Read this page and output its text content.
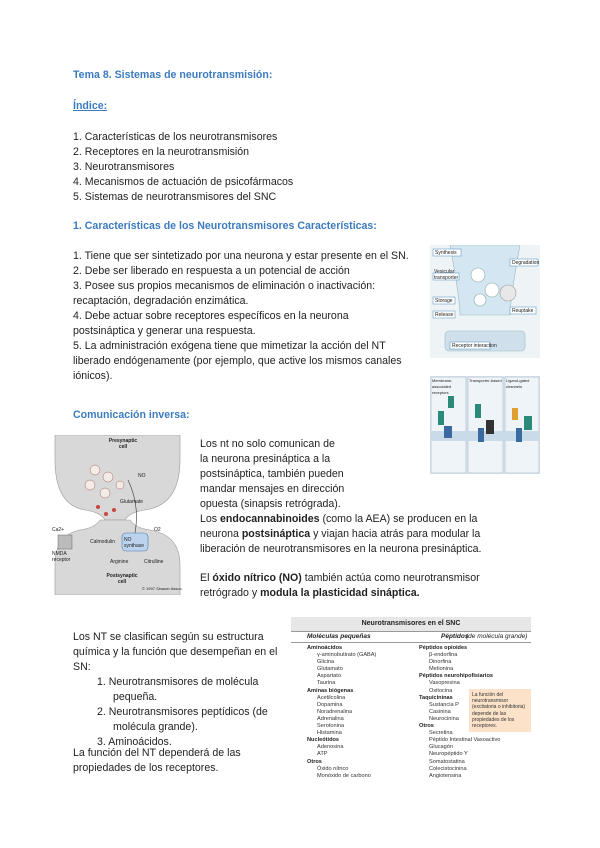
Tema 8. Sistemas de neurotransmisión:
Índice:
1. Características de los neurotransmisores
2. Receptores en la neurotransmisión
3. Neurotransmisores
4. Mecanismos de actuación de psicofármacos
5. Sistemas de neurotransmisores del SNC
1. Características de los Neurotransmisores Características:
1. Tiene que ser sintetizado por una neurona y estar presente en el SN.
2. Debe ser liberado en respuesta a un potencial de acción
3. Posee sus propios mecanismos de eliminación o inactivación: recaptación, degradación enzimática.
4. Debe actuar sobre receptores específicos en la neurona postsináptica y generar una respuesta.
5. La administración exógena tiene que mimetizar la acción del NT liberado endógenamente (por ejemplo, que active los mismos canales iónicos).
Synthesis
Vesicular transporter
Storage
Release
Degradation
Receptor interaction
Reuptake
Membrane-associated receptors
Transporter-based Ligand-gated channels
Comunicación inversa:
Los nt no solo comunican de la neurona presináptica a la postsináptica, también pueden mandar mensajes en dirección opuesta (sinapsis retrógrada).
Los endocannabinoides (como la AEA) se producen en la neurona postsináptica y viajan hacia atrás para modular la liberación de neurotransmisores en la neurona presináptica.
El óxido nítrico (NO) también actúa como neurotransmisor retrógrado y modula la plasticidad sináptica.
Presynaptic cell
Postsynaptic cell
NO
Glutamate
Ca2+
NMDA receptor
Calmodulin NO synthase
Arginine	Citrulline
O2
© 1997 Sinauer Assoc.
Los NT se clasifican según su estructura química y la función que desempeñan en el SN:
1. Neurotransmisores de molécula pequeña.
2. Neurotransmisores peptídicos (de molécula grande).
3. Aminoácidos.
La función del NT dependerá de las propiedades de los receptores.
Neurotransmisores en el SNC
Moléculas pequeñas	Péptidos
(de molécula grande)
Aminoácidos
γ-aminobutirato (GABA)
Glicina
Glutamato
Aspartato
Taurina
Aminas biógenas
Acetilcolina
Dopamina
Noradrenalina
Adrenalina
Serotonina
Histamina
Nucleótidos
Adenosina
ATP
Otros
Óxido nítrico
Monóxido de carbono
Péptidos opioides
β-endorfina
Dinorfina
Metionina
Péptidos neurohipofisiarios
Vasopresina
Oxitocina
Taquicininas
Sustancia P
Casinina
Neurocinina
Otros
Secretina
Péptido Intestinal Vasoactivo
Glucagón
Neuropéptido Y
Somatostatina
Colecistocinina
Angiotensina
La función del neurotransmisor (excitatoria o inhibitoria) depende de las propiedades de los receptores.
